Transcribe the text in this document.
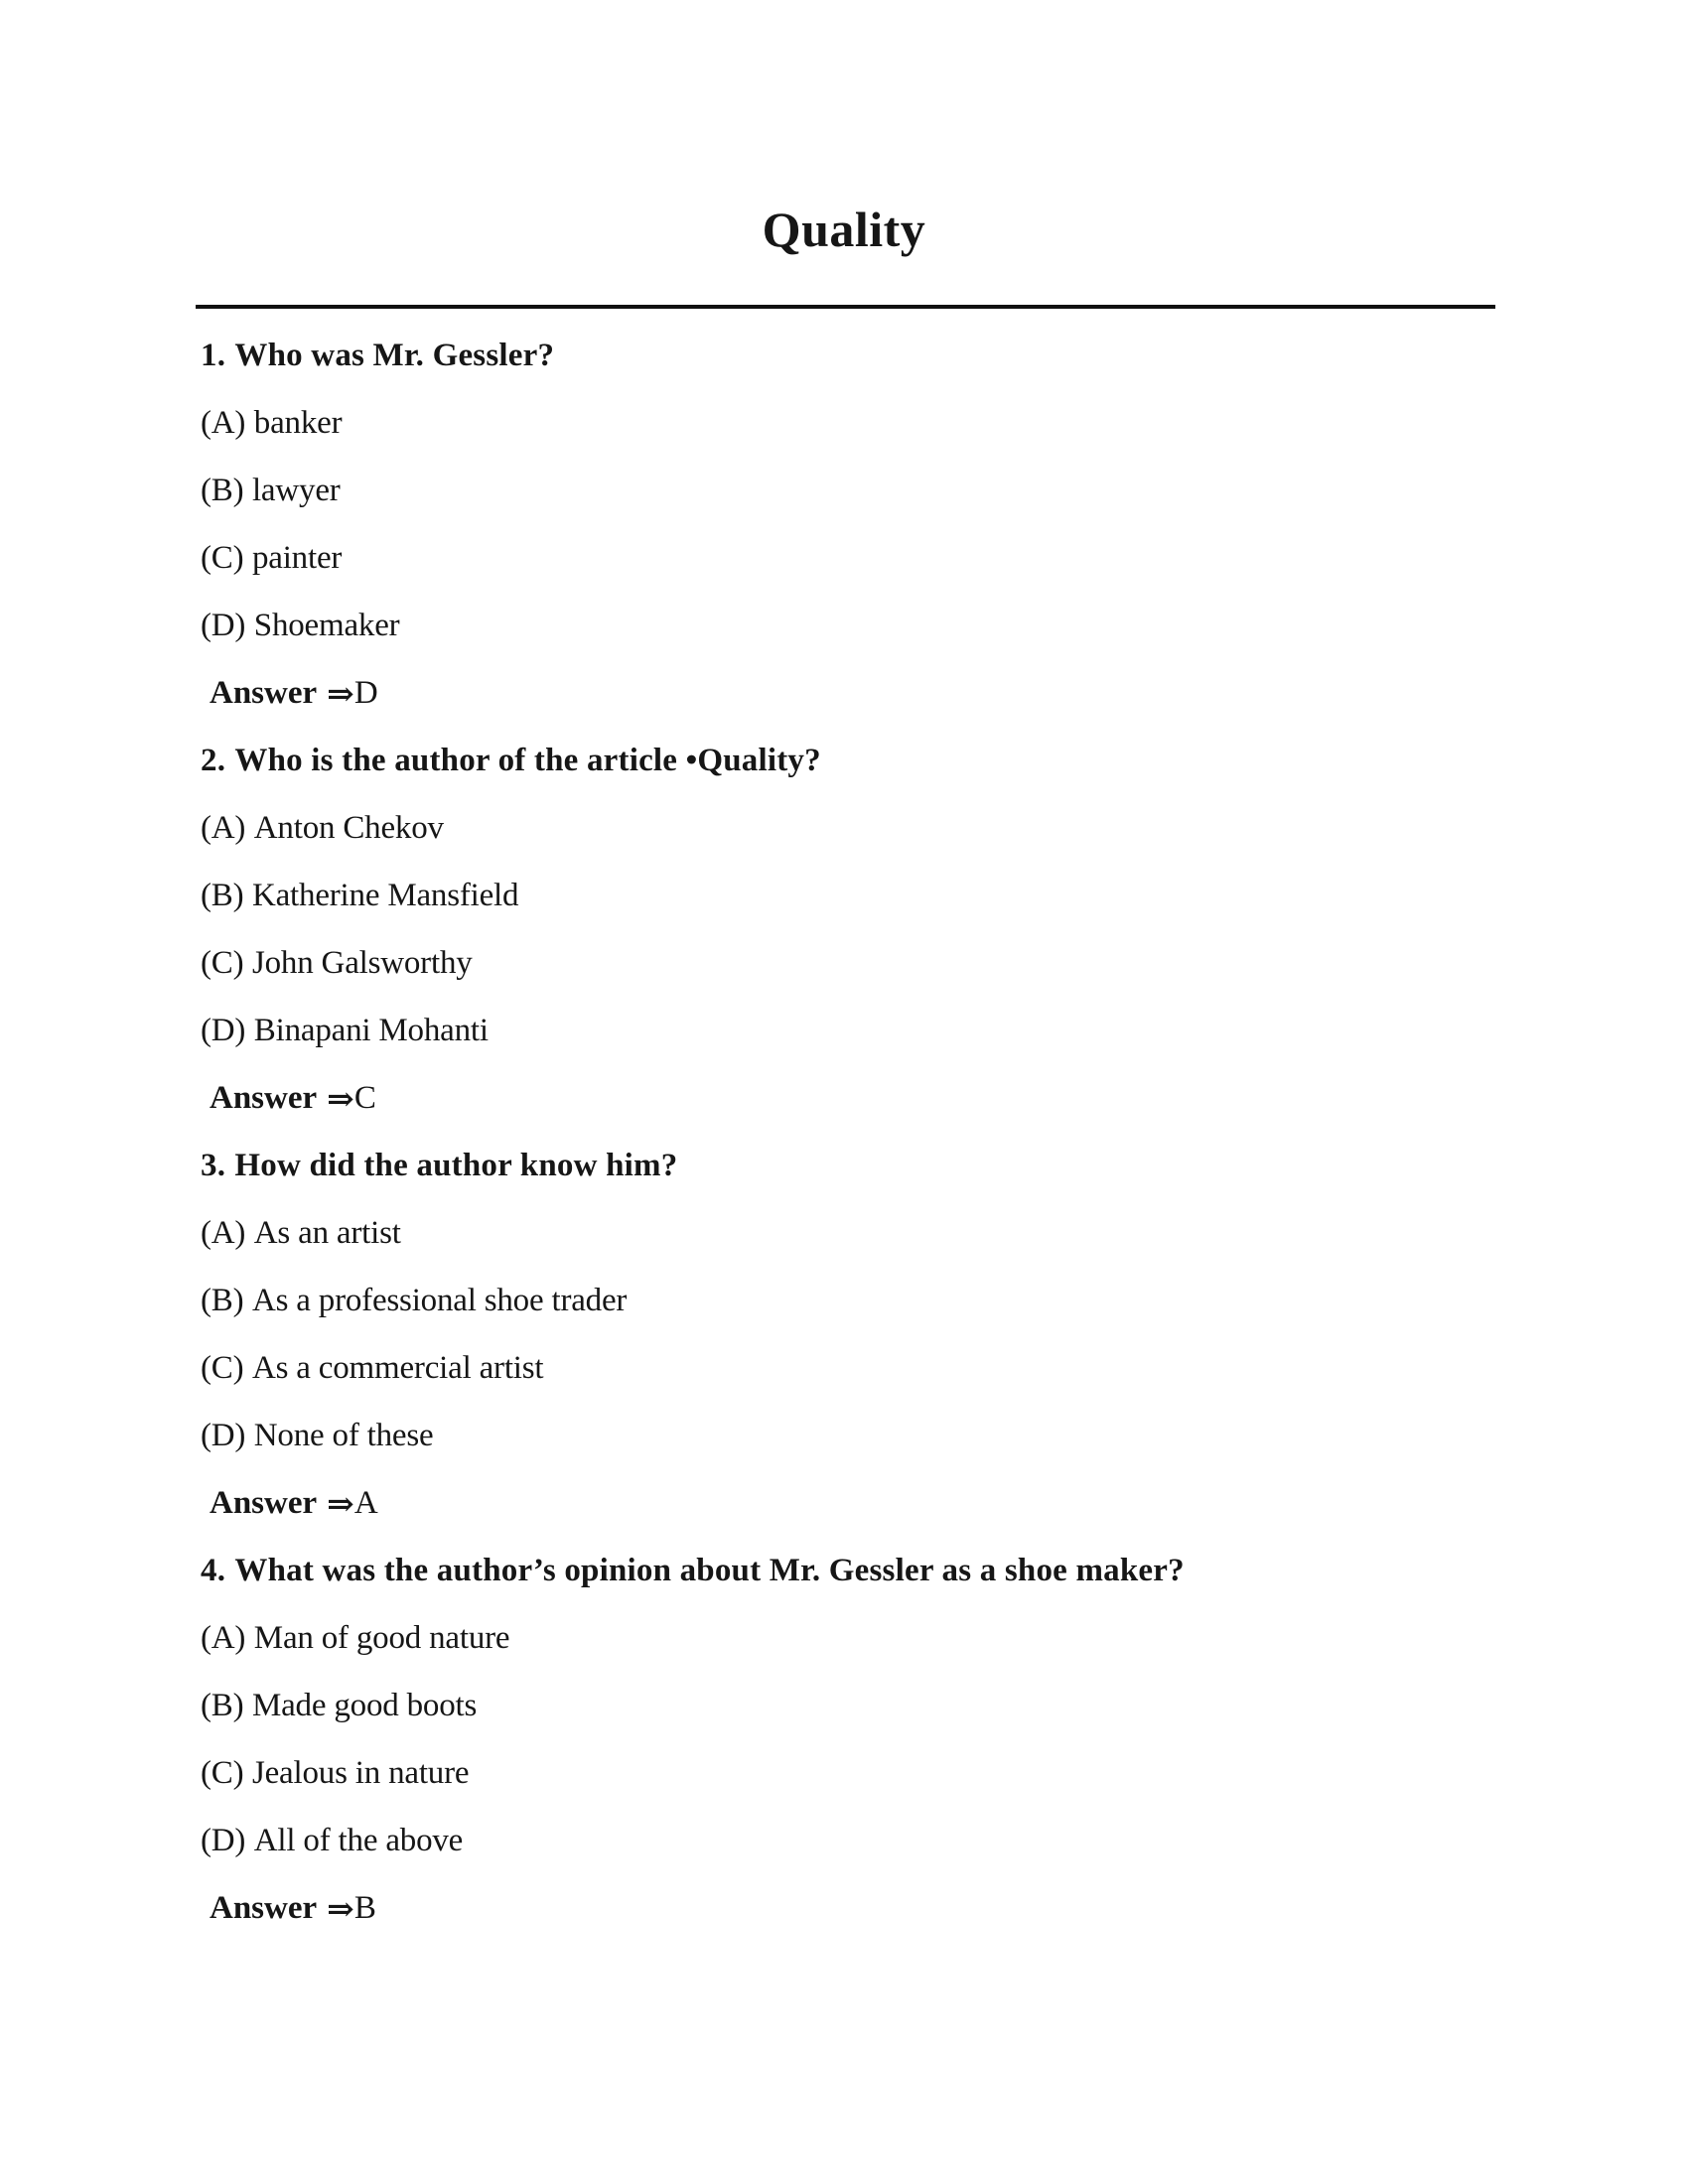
Quality
1. Who was Mr. Gessler?
(A) banker
(B) lawyer
(C) painter
(D) Shoemaker
Answer ⇒ D
2. Who is the author of the article •Quality?
(A) Anton Chekov
(B) Katherine Mansfield
(C) John Galsworthy
(D) Binapani Mohanti
Answer ⇒ C
3. How did the author know him?
(A) As an artist
(B) As a professional shoe trader
(C) As a commercial artist
(D) None of these
Answer ⇒ A
4. What was the author’s opinion about Mr. Gessler as a shoe maker?
(A) Man of good nature
(B) Made good boots
(C) Jealous in nature
(D) All of the above
Answer ⇒ B
